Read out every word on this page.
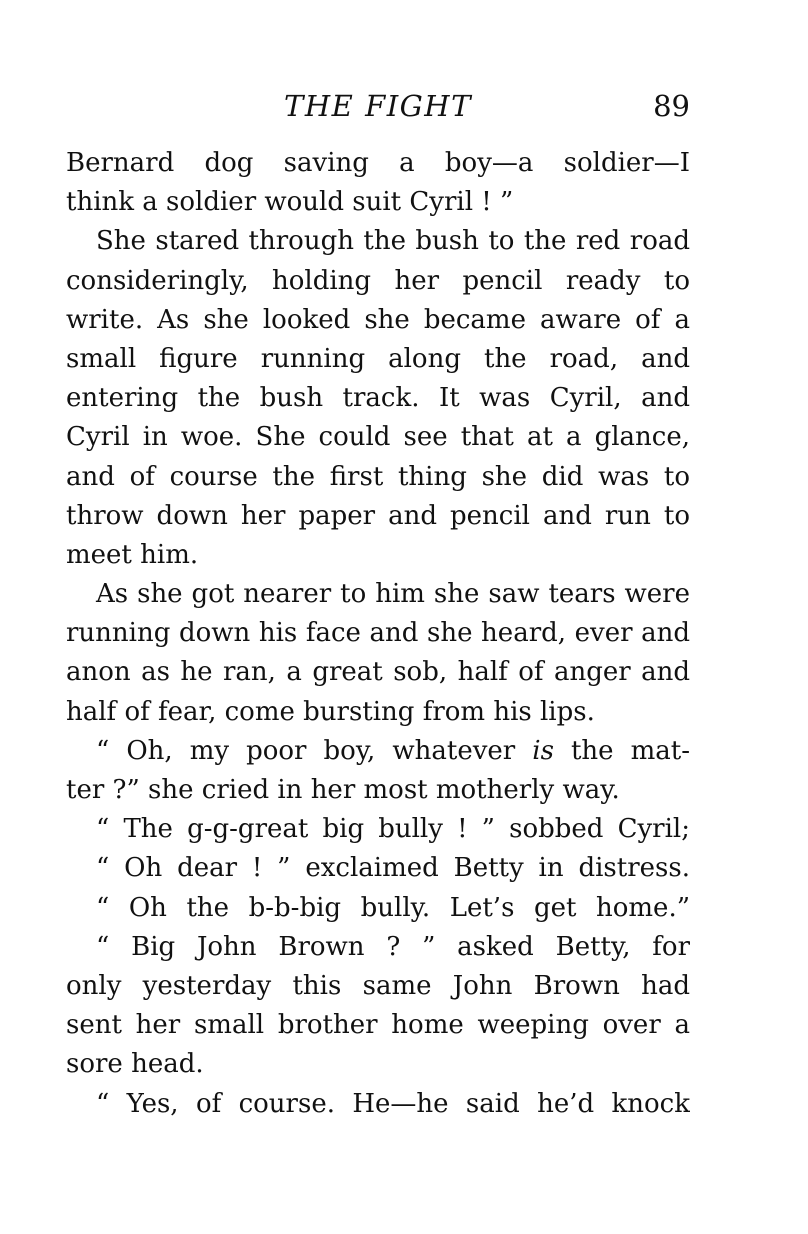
THE FIGHT	89
Bernard dog saving a boy—a soldier—I
think a soldier would suit Cyril ! ”
She stared through the bush to the red road
consideringly, holding her pencil ready to
write. As she looked she became aware of a
small figure running along the road, and
entering the bush track. It was Cyril, and
Cyril in woe. She could see that at a glance,
and of course the first thing she did was to
throw down her paper and pencil and run to
meet him.
As she got nearer to him she saw tears were
running down his face and she heard, ever and
anon as he ran, a great sob, half of anger and
half of fear, come bursting from his lips.
“ Oh, my poor boy, whatever is the mat-
ter ?” she cried in her most motherly way.
“ The g-g-great big bully ! ” sobbed Cyril;
“ Oh dear ! ” exclaimed Betty in distress.
“ Oh the b-b-big bully. Let’s get home.”
“ Big John Brown ? ” asked Betty, for
only yesterday this same John Brown had
sent her small brother home weeping over a
sore head.
“ Yes, of course. He—he said he’d knock
